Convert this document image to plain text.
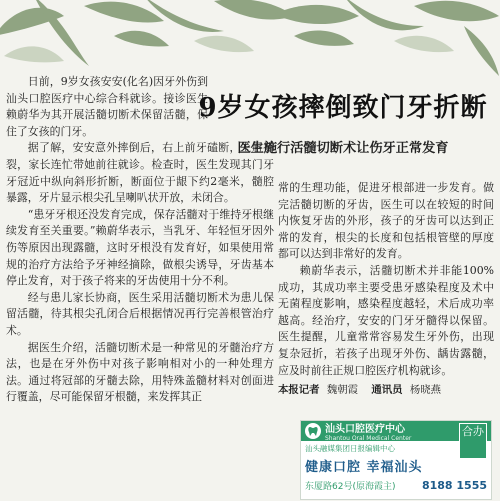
9岁女孩摔倒致门牙折断
医生施行活髓切断术让伤牙正常发育

日前，9岁女孩安安(化名)因牙外伤到汕头口腔医疗中心综合科就诊。接诊医生赖蔚华为其开展活髓切断术保留活髓，保住了女孩的门牙。

据了解，安安意外摔倒后，右上前牙磕断，上唇撕裂，家长连忙带她前往就诊。检查时，医生发现其门牙牙冠近中纵向斜形折断，断面位于龈下约2毫米，髓腔暴露，牙片显示根尖孔呈喇叭状开放，未闭合。

“患牙牙根还没发育完成，保存活髓对于维持牙根继续发育至关重要。”赖蔚华表示，当乳牙、年轻恒牙因外伤等原因出现露髓，这时牙根没有发育好，如果使用常规的治疗方法给予牙神经摘除，做根尖诱导，牙齿基本停止发育，对于孩子将来的牙齿使用十分不利。

经与患儿家长协商，医生采用活髓切断术为患儿保留活髓，待其根尖孔闭合后根据情况再行完善根管治疗术。

据医生介绍，活髓切断术是一种常见的牙髓治疗方法，也是在牙外伤中对孩子影响相对小的一种处理方法。通过将冠部的牙髓去除，用特殊盖髓材料对创面进行覆盖，尽可能保留牙根髓，来发挥其正

常的生理功能，促进牙根部进一步发育。做完活髓切断的牙齿，医生可以在较短的时间内恢复牙齿的外形，孩子的牙齿可以达到正常的发育，根尖的长度和包括根管壁的厚度都可以达到非常好的发育。

赖蔚华表示，活髓切断术并非能100%成功，其成功率主要受患牙感染程度及术中无菌程度影响，感染程度越轻，术后成功率越高。经治疗，安安的门牙牙髓得以保留。医生提醒，儿童常常容易发生牙外伤，出现复杂冠折，若孩子出现牙外伤、龋齿露髓，应及时前往正规口腔医疗机构就诊。

本报记者 魏朝霞 通讯员 杨晓燕
汕头口腔医疗中心
Shantou Oral Medical Center
合办
汕头融媒集团日报编辑中心
健康口腔 幸福汕头
东厦路62号(原海霞主) 8188 1555
